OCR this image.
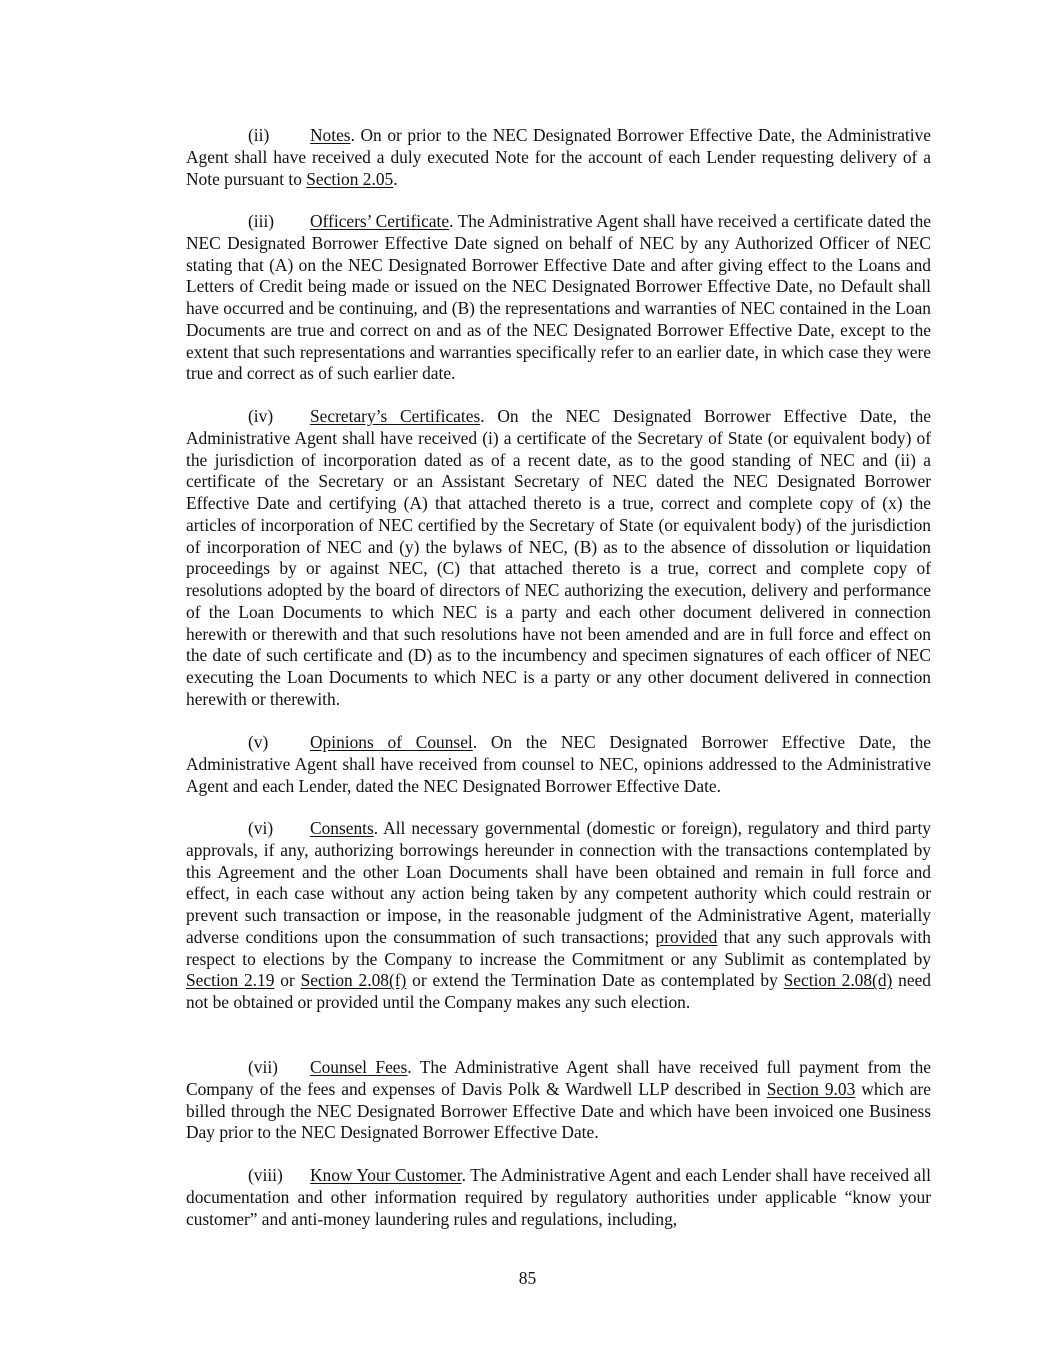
(ii) Notes. On or prior to the NEC Designated Borrower Effective Date, the Administrative Agent shall have received a duly executed Note for the account of each Lender requesting delivery of a Note pursuant to Section 2.05.

(iii) Officers’ Certificate. The Administrative Agent shall have received a certificate dated the NEC Designated Borrower Effective Date signed on behalf of NEC by any Authorized Officer of NEC stating that (A) on the NEC Designated Borrower Effective Date and after giving effect to the Loans and Letters of Credit being made or issued on the NEC Designated Borrower Effective Date, no Default shall have occurred and be continuing, and (B) the representations and warranties of NEC contained in the Loan Documents are true and correct on and as of the NEC Designated Borrower Effective Date, except to the extent that such representations and warranties specifically refer to an earlier date, in which case they were true and correct as of such earlier date.

(iv) Secretary’s Certificates. On the NEC Designated Borrower Effective Date, the Administrative Agent shall have received (i) a certificate of the Secretary of State (or equivalent body) of the jurisdiction of incorporation dated as of a recent date, as to the good standing of NEC and (ii) a certificate of the Secretary or an Assistant Secretary of NEC dated the NEC Designated Borrower Effective Date and certifying (A) that attached thereto is a true, correct and complete copy of (x) the articles of incorporation of NEC certified by the Secretary of State (or equivalent body) of the jurisdiction of incorporation of NEC and (y) the bylaws of NEC, (B) as to the absence of dissolution or liquidation proceedings by or against NEC, (C) that attached thereto is a true, correct and complete copy of resolutions adopted by the board of directors of NEC authorizing the execution, delivery and performance of the Loan Documents to which NEC is a party and each other document delivered in connection herewith or therewith and that such resolutions have not been amended and are in full force and effect on the date of such certificate and (D) as to the incumbency and specimen signatures of each officer of NEC executing the Loan Documents to which NEC is a party or any other document delivered in connection herewith or therewith.

(v) Opinions of Counsel. On the NEC Designated Borrower Effective Date, the Administrative Agent shall have received from counsel to NEC, opinions addressed to the Administrative Agent and each Lender, dated the NEC Designated Borrower Effective Date.

(vi) Consents. All necessary governmental (domestic or foreign), regulatory and third party approvals, if any, authorizing borrowings hereunder in connection with the transactions contemplated by this Agreement and the other Loan Documents shall have been obtained and remain in full force and effect, in each case without any action being taken by any competent authority which could restrain or prevent such transaction or impose, in the reasonable judgment of the Administrative Agent, materially adverse conditions upon the consummation of such transactions; provided that any such approvals with respect to elections by the Company to increase the Commitment or any Sublimit as contemplated by Section 2.19 or Section 2.08(f) or extend the Termination Date as contemplated by Section 2.08(d) need not be obtained or provided until the Company makes any such election.

(vii) Counsel Fees. The Administrative Agent shall have received full payment from the Company of the fees and expenses of Davis Polk & Wardwell LLP described in Section 9.03 which are billed through the NEC Designated Borrower Effective Date and which have been invoiced one Business Day prior to the NEC Designated Borrower Effective Date.

(viii) Know Your Customer. The Administrative Agent and each Lender shall have received all documentation and other information required by regulatory authorities under applicable “know your customer” and anti-money laundering rules and regulations, including,

85
